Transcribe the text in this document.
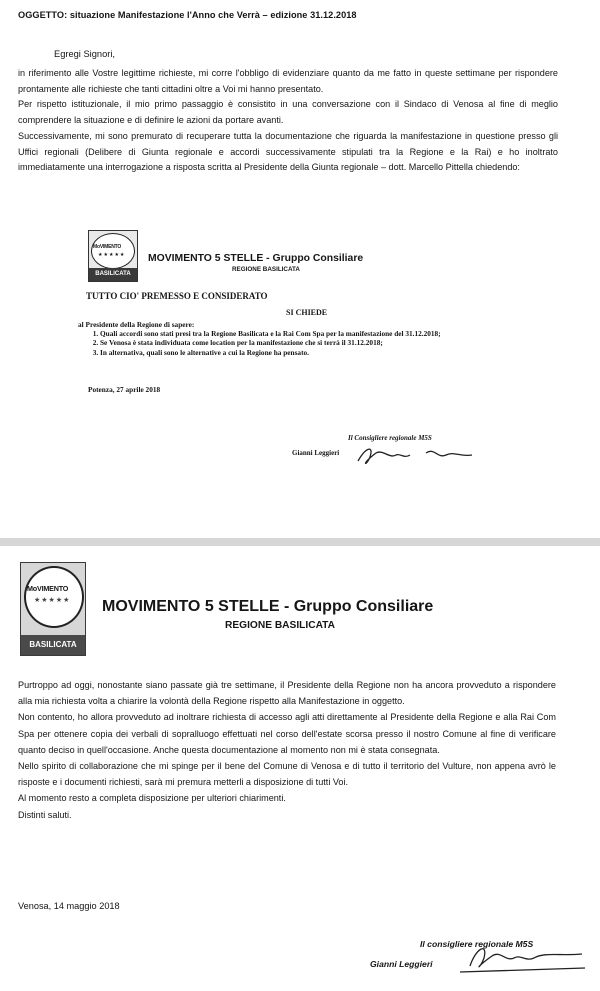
OGGETTO: situazione Manifestazione l'Anno che Verrà – edizione 31.12.2018
Egregi Signori,

in riferimento alle Vostre legittime richieste, mi corre l'obbligo di evidenziare quanto da me fatto in queste settimane per rispondere prontamente alle richieste che tanti cittadini oltre a Voi mi hanno presentato.

Per rispetto istituzionale, il mio primo passaggio è consistito in una conversazione con il Sindaco di Venosa al fine di meglio comprendere la situazione e di definire le azioni da portare avanti.

Successivamente, mi sono premurato di recuperare tutta la documentazione che riguarda la manifestazione in questione presso gli Uffici regionali (Delibere di Giunta regionale e accordi successivamente stipulati tra la Regione e la Rai) e ho inoltrato immediatamente una interrogazione a risposta scritta al Presidente della Giunta regionale – dott. Marcello Pittella chiedendo:

MoVIMENTO
★★★★★
BASILICATA
MOVIMENTO 5 STELLE - Gruppo Consiliare
REGIONE BASILICATA
TUTTO CIO' PREMESSO E CONSIDERATO
SI CHIEDE
al Presidente della Regione di sapere:
1. Quali accordi sono stati presi tra la Regione Basilicata e la Rai Com Spa per la manifestazione del 31.12.2018;
2. Se Venosa è stata individuata come location per la manifestazione che si terrà il 31.12.2018;
3. In alternativa, quali sono le alternative a cui la Regione ha pensato.
Potenza, 27 aprile 2018
Il Consigliere regionale M5S
Gianni Leggieri
MoVIMENTO
★★★★★
BASILICATA
MOVIMENTO 5 STELLE - Gruppo Consiliare
REGIONE BASILICATA

Purtroppo ad oggi, nonostante siano passate già tre settimane, il Presidente della Regione non ha ancora provveduto a rispondere alla mia richiesta volta a chiarire la volontà della Regione rispetto alla Manifestazione in oggetto.

Non contento, ho allora provveduto ad inoltrare richiesta di accesso agli atti direttamente al Presidente della Regione e alla Rai Com Spa per ottenere copia dei verbali di sopralluogo effettuati nel corso dell'estate scorsa presso il nostro Comune al fine di verificare quanto deciso in quell'occasione. Anche questa documentazione al momento non mi è stata consegnata.

Nello spirito di collaborazione che mi spinge per il bene del Comune di Venosa e di tutto il territorio del Vulture, non appena avrò le risposte e i documenti richiesti, sarà mi premura metterli a disposizione di tutti Voi.

Al momento resto a completa disposizione per ulteriori chiarimenti.

Distinti saluti.

Venosa, 14 maggio 2018
Il consigliere regionale M5S
Gianni Leggieri
